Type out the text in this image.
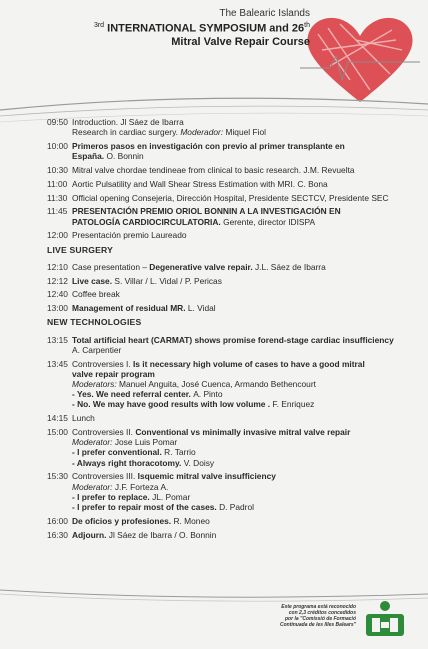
The Balearic Islands
$^{3rd}$ INTERNATIONAL SYMPOSIUM and 26th
Mitral Valve Repair Course
09:50 Introduction. Jl Sáez de Ibarra
Research in cardiac surgery. Moderador: Miquel Fiol
10:00 Primeros pasos en investigación con previo al primer transplante en
España. O. Bonnin
10:30 Mitral valve chordae tendineae from clinical to basic research. J.M. Revuelta
11:00 Aortic Pulsatility and Wall Shear Stress Estimation with MRI. C. Bona
11:30 Official opening Consejeria, Dirección Hospital, Presidente SECTCV, Presidente SEC
11:45 PRESENTACIÓN PREMIO ORIOL BONNIN A LA INVESTIGACIÓN EN
PATOLOGÍA CARDIOCIRCULATORIA. Gerente, director IDISPA
12:00 Presentación premio Laureado
LIVE SURGERY
12:10 Case presentation – Degenerative valve repair. J.L. Sáez de Ibarra
12:12 Live case. S. Villar / L. Vidal / P. Pericas
12:40 Coffee break
13:00 Management of residual MR. L. Vidal
NEW TECHNOLOGIES
13:15 Total artificial heart (CARMAT) shows promise forend-stage cardiac insufficiency
A. Carpentier
13:45 Controversies I. Is it necessary high volume of cases to have a good mitral
valve repair program
Moderators: Manuel Anguita, José Cuenca, Armando Bethencourt
- Yes. We need referral center. A. Pinto
- No. We may have good results with low volume . F. Enriquez
14:15 Lunch
15:00 Controversies II. Conventional vs minimally invasive mitral valve repair
Moderator: Jose Luis Pomar
- I prefer conventional. R. Tarrio
- Always right thoracotomy. V. Doisy
15:30 Controversies III. Isquemic mitral valve insufficiency
Moderator: J.F. Forteza A.
- I prefer to replace. JL. Pomar
- I prefer to repair most of the cases. D. Padrol
16:00 De oficios y profesiones. R. Moneo
16:30 Adjourn. Jl Sáez de Ibarra / O. Bonnin
Este programa está reconocido
con 2,3 créditos concedidos
por la "Comissió de Formació
Continuada de les Illes Balears"
